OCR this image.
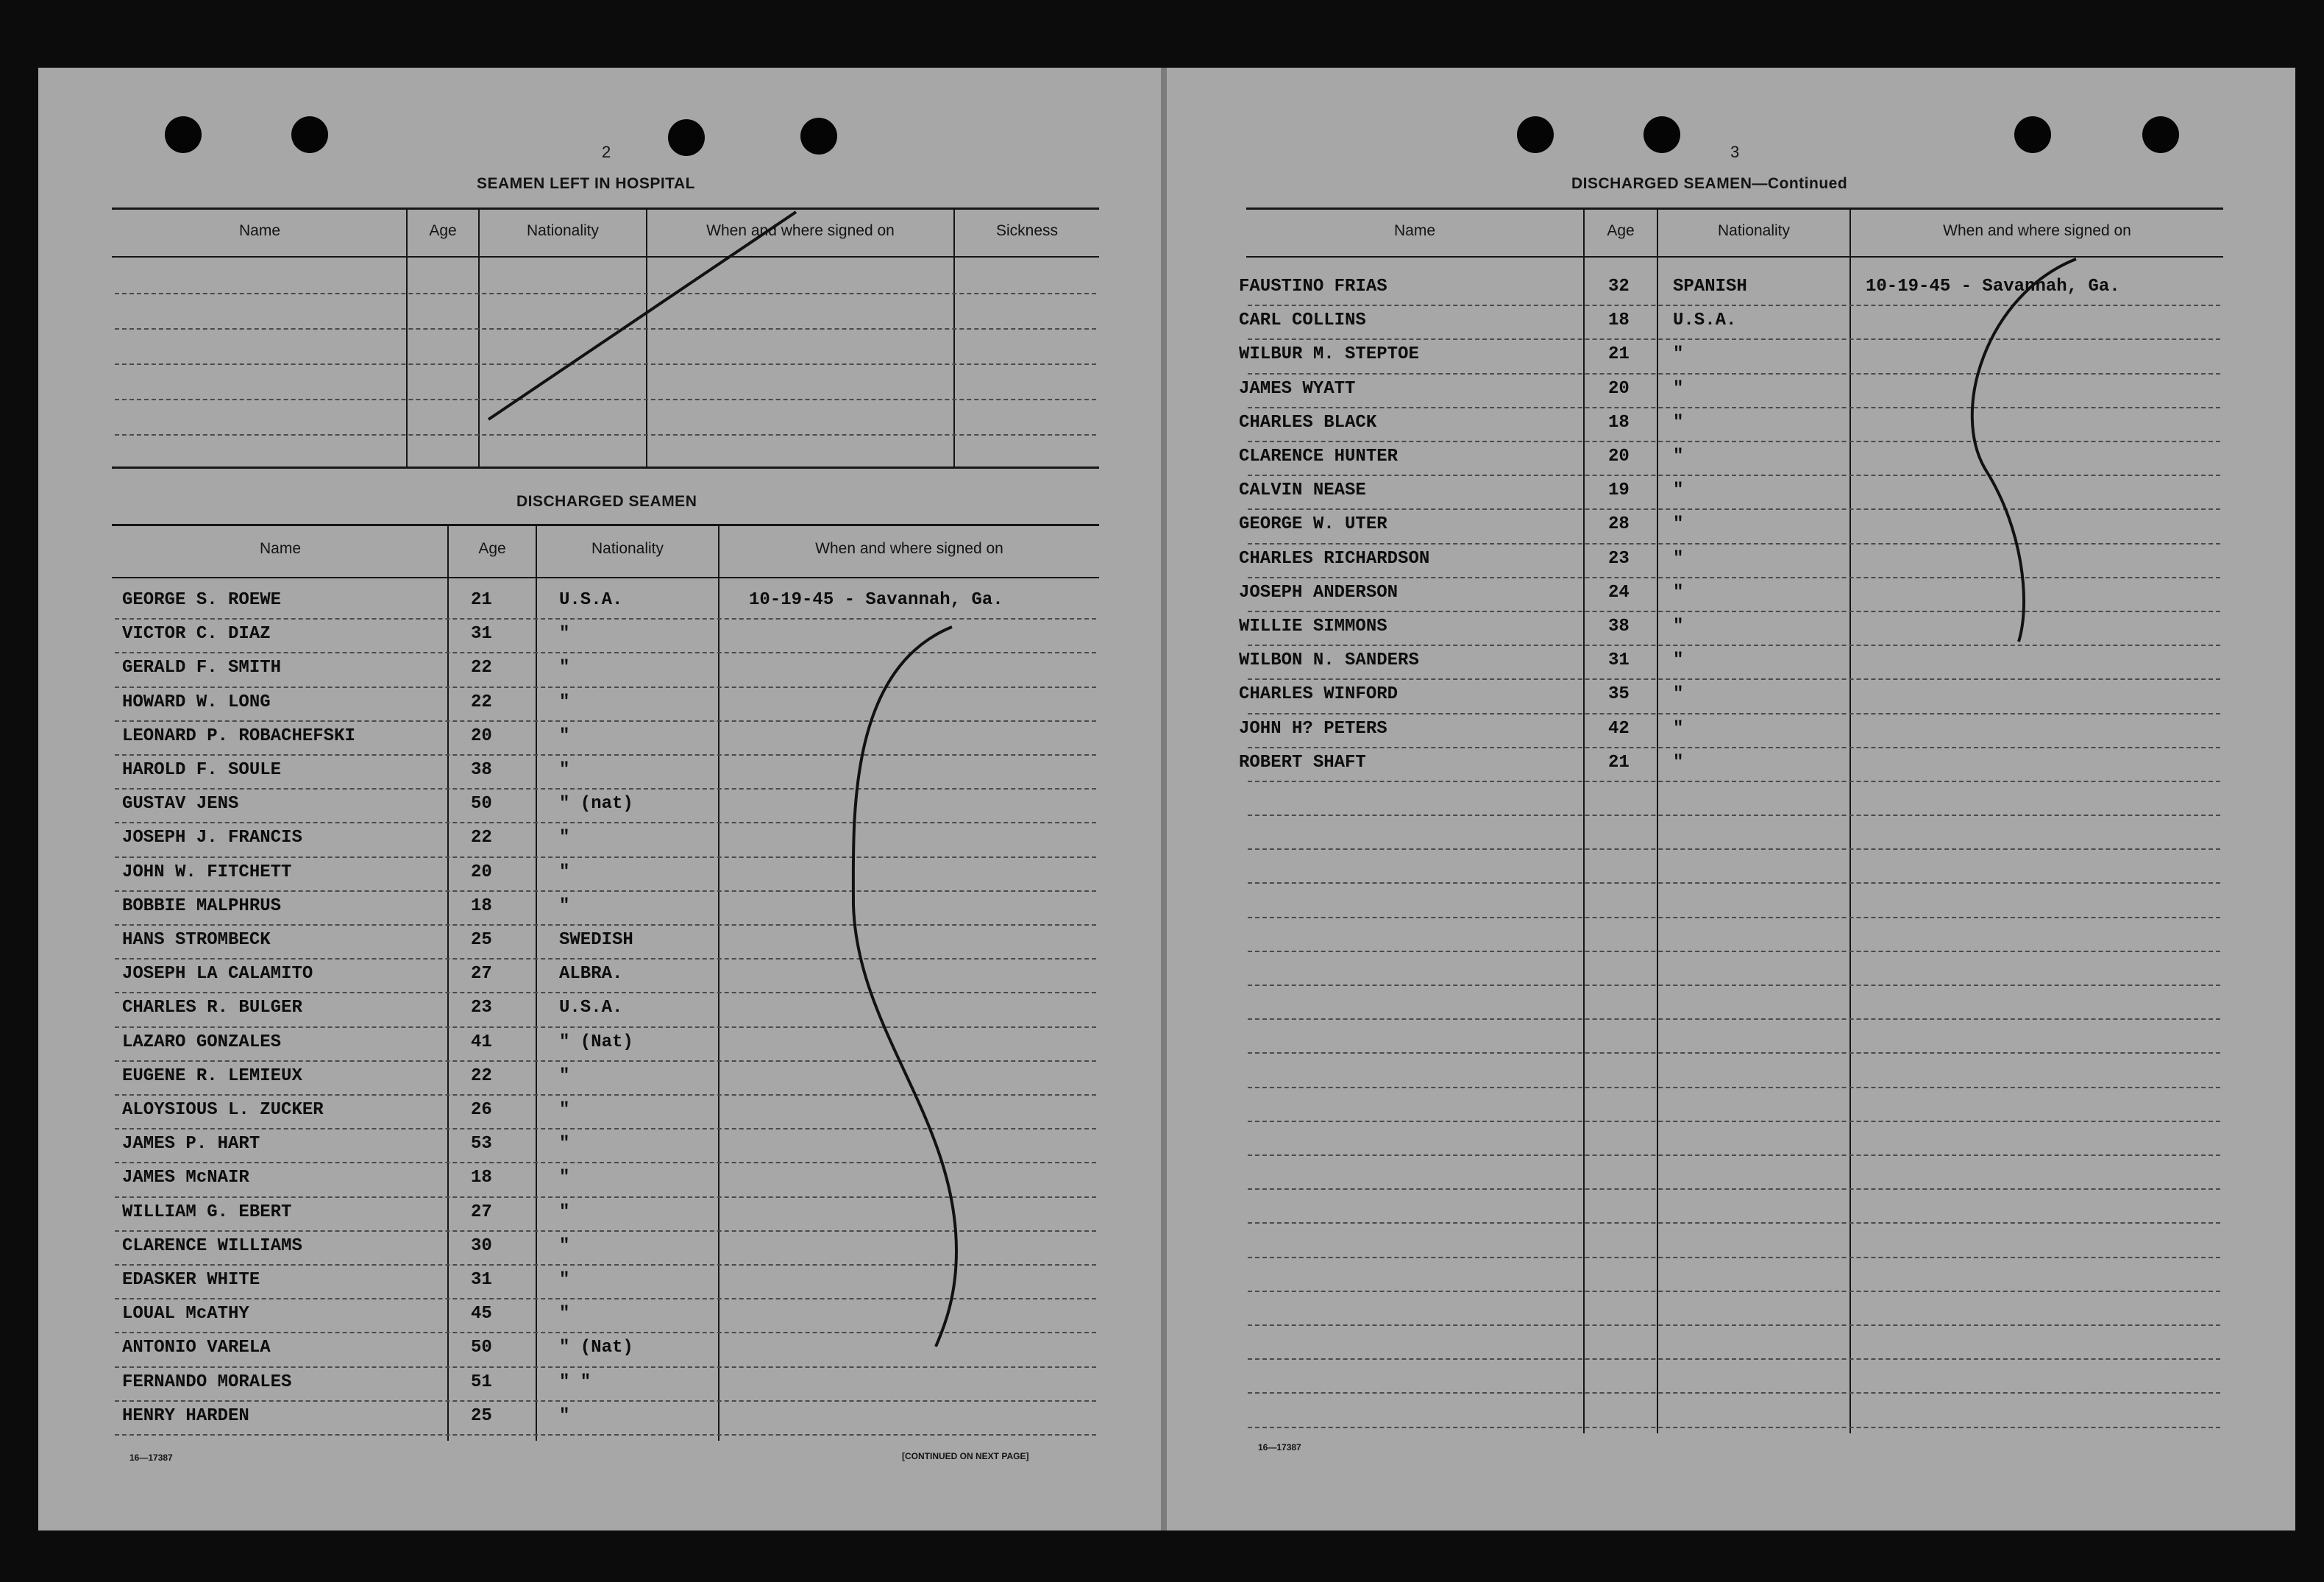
2
SEAMEN LEFT IN HOSPITAL
Name	Age	Nationality	When and where signed on	Sickness
DISCHARGED SEAMEN
Name	Age	Nationality	When and where signed on
GEORGE S. ROEWE	21	U.S.A.	10-19-45 - Savannah, Ga.
VICTOR C. DIAZ	31	"
GERALD F. SMITH	22	"
HOWARD W. LONG	22	"
LEONARD P. ROBACHEFSKI	20	"
HAROLD F. SOULE	38	"
GUSTAV JENS	50	" (nat)
JOSEPH J. FRANCIS	22	"
JOHN W. FITCHETT	20	"
BOBBIE MALPHRUS	18	"
HANS STROMBECK	25	SWEDISH
JOSEPH LA CALAMITO	27	ALBRA.
CHARLES R. BULGER	23	U.S.A.
LAZARO GONZALES	41	" (Nat)
EUGENE R. LEMIEUX	22	"
ALOYSIOUS L. ZUCKER	26	"
JAMES P. HART	53	"
JAMES McNAIR	18	"
WILLIAM G. EBERT	27	"
CLARENCE WILLIAMS	30	"
EDASKER WHITE	31	"
LOUAL McATHY	45	"
ANTONIO VARELA	50	" (Nat)
FERNANDO MORALES	51	" "
HENRY HARDEN	25	"
16—17387	[CONTINUED ON NEXT PAGE]
3
DISCHARGED SEAMEN—Continued
Name	Age	Nationality	When and where signed on
FAUSTINO FRIAS	32 SPANISH	10-19-45 - Savannah, Ga.
CARL COLLINS	18 U.S.A.
WILBUR M. STEPTOE	21 "
JAMES WYATT	20 "
CHARLES BLACK	18 "
CLARENCE HUNTER	20 "
CALVIN NEASE	19 "
GEORGE W. UTER	28 "
CHARLES RICHARDSON	23 "
JOSEPH ANDERSON	24 "
WILLIE SIMMONS	38 "
WILBON N. SANDERS	31 "
CHARLES WINFORD	35 "
JOHN H? PETERS	42 "
ROBERT SHAFT	21 "
16—17387
